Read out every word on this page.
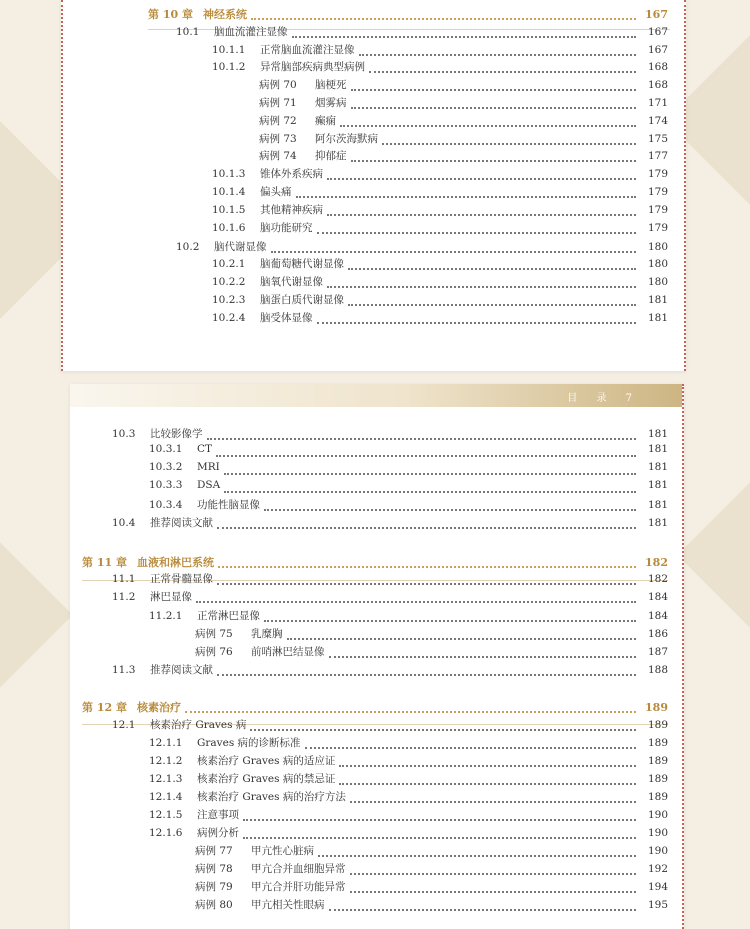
第 10 章 神经系统	167
10.1	脑血流灌注显像	167
10.1.1	正常脑血流灌注显像	167
10.1.2	异常脑部疾病典型病例	168
病例 70	脑梗死	168
病例 71	烟雾病	171
病例 72	癫痫	174
病例 73	阿尔茨海默病	175
病例 74	抑郁症	177
10.1.3	锥体外系疾病	179
10.1.4	偏头痛	179
10.1.5	其他精神疾病	179
10.1.6	脑功能研究	179
10.2	脑代谢显像	180
10.2.1	脑葡萄糖代谢显像	180
10.2.2	脑氧代谢显像	180
10.2.3	脑蛋白质代谢显像	181
10.2.4	脑受体显像	181
目 录 7
10.3	比较影像学	181
10.3.1	CT	181
10.3.2	MRI	181
10.3.3	DSA	181
10.3.4	功能性脑显像	181
10.4	推荐阅读文献	181
第 11 章 血液和淋巴系统	182
11.1	正常骨髓显像	182
11.2	淋巴显像	184
11.2.1	正常淋巴显像	184
病例 75	乳糜胸	186
病例 76	前哨淋巴结显像	187
11.3	推荐阅读文献	188
第 12 章 核素治疗	189
12.1	核素治疗 Graves 病	189
12.1.1	Graves 病的诊断标准	189
12.1.2	核素治疗 Graves 病的适应证	189
12.1.3	核素治疗 Graves 病的禁忌证	189
12.1.4	核素治疗 Graves 病的治疗方法	189
12.1.5	注意事项	190
12.1.6	病例分析	190
病例 77	甲亢性心脏病	190
病例 78	甲亢合并血细胞异常	192
病例 79	甲亢合并肝功能异常	194
病例 80	甲亢相关性眼病	195
